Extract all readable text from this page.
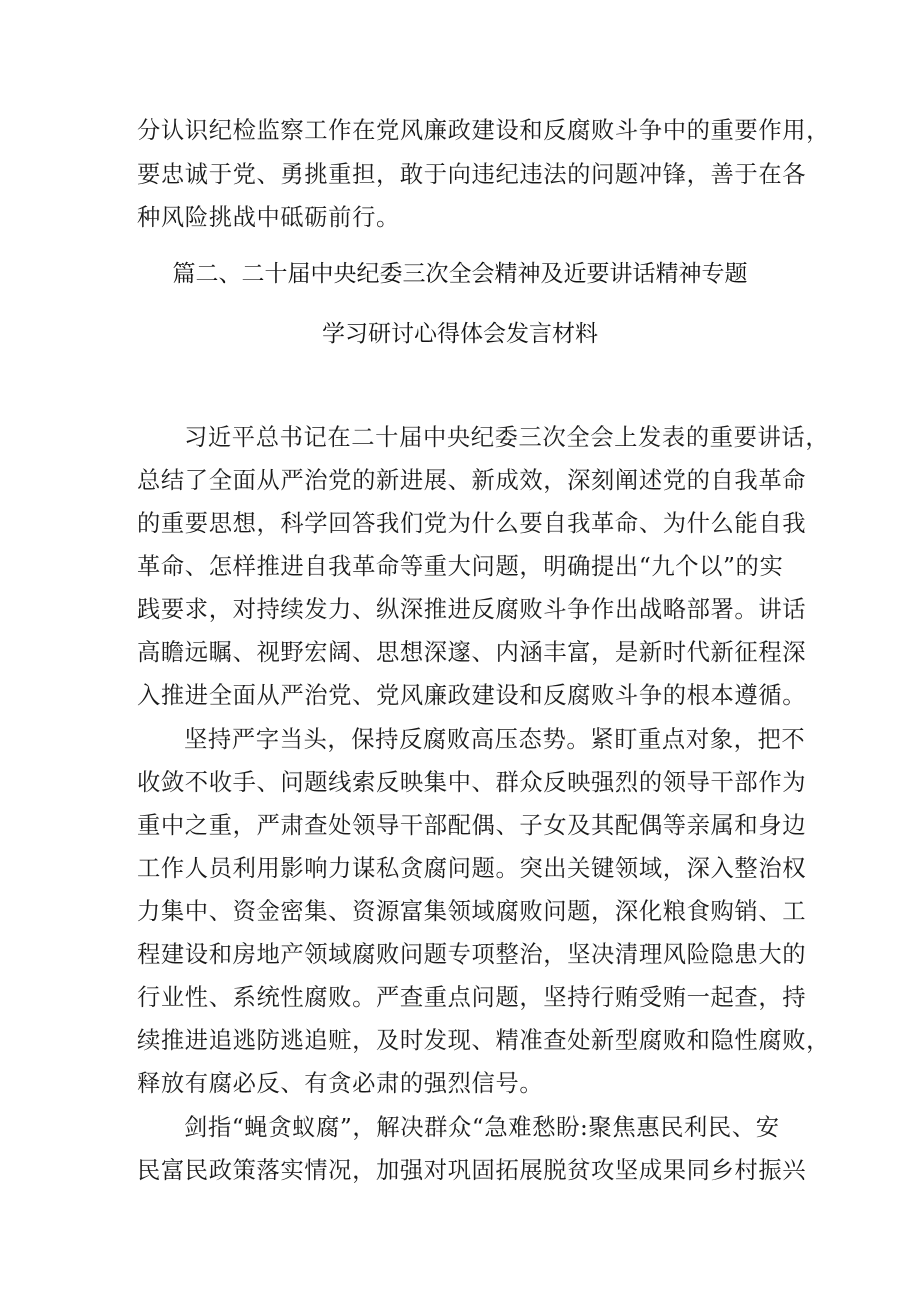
分认识纪检监察工作在党风廉政建设和反腐败斗争中的重要作用，
要忠诚于党、勇挑重担，敢于向违纪违法的问题冲锋，善于在各
种风险挑战中砥砺前行。
篇二、二十届中央纪委三次全会精神及近要讲话精神专题
学习研讨心得体会发言材料
习近平总书记在二十届中央纪委三次全会上发表的重要讲话，
总结了全面从严治党的新进展、新成效，深刻阐述党的自我革命
的重要思想，科学回答我们党为什么要自我革命、为什么能自我
革命、怎样推进自我革命等重大问题，明确提出“九个以”的实
践要求，对持续发力、纵深推进反腐败斗争作出战略部署。讲话
高瞻远瞩、视野宏阔、思想深邃、内涵丰富，是新时代新征程深
入推进全面从严治党、党风廉政建设和反腐败斗争的根本遵循。
坚持严字当头，保持反腐败高压态势。紧盯重点对象，把不
收敛不收手、问题线索反映集中、群众反映强烈的领导干部作为
重中之重，严肃查处领导干部配偶、子女及其配偶等亲属和身边
工作人员利用影响力谋私贪腐问题。突出关键领域，深入整治权
力集中、资金密集、资源富集领域腐败问题，深化粮食购销、工
程建设和房地产领域腐败问题专项整治，坚决清理风险隐患大的
行业性、系统性腐败。严查重点问题，坚持行贿受贿一起查，持
续推进追逃防逃追赃，及时发现、精准查处新型腐败和隐性腐败，
释放有腐必反、有贪必肃的强烈信号。
剑指“蝇贪蚁腐”，解决群众“急难愁盼:聚焦惠民利民、安
民富民政策落实情况，加强对巩固拓展脱贫攻坚成果同乡村振兴
